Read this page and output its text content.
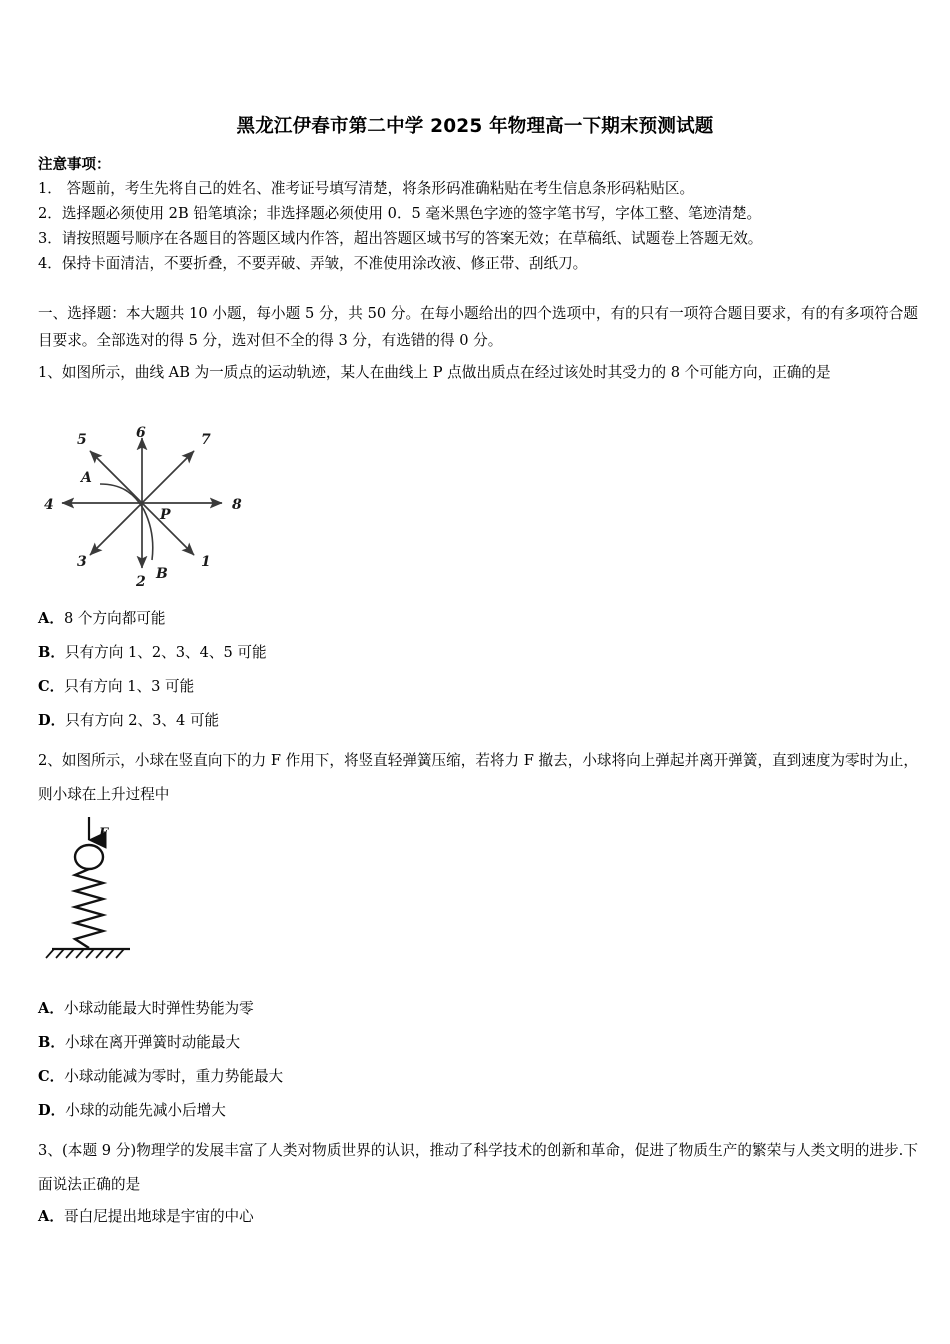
黑龙江伊春市第二中学 2025 年物理高一下期末预测试题
注意事项：
1． 答题前，考生先将自己的姓名、准考证号填写清楚，将条形码准确粘贴在考生信息条形码粘贴区。
2．选择题必须使用 2B 铅笔填涂；非选择题必须使用 0．5 毫米黑色字迹的签字笔书写，字体工整、笔迹清楚。
3．请按照题号顺序在各题目的答题区域内作答，超出答题区域书写的答案无效；在草稿纸、试题卷上答题无效。
4．保持卡面清洁，不要折叠，不要弄破、弄皱，不准使用涂改液、修正带、刮纸刀。
一、选择题：本大题共 10 小题，每小题 5 分，共 50 分。在每小题给出的四个选项中，有的只有一项符合题目要求，有的有多项符合题目要求。全部选对的得 5 分，选对但不全的得 3 分，有选错的得 0 分。
1、如图所示，曲线 AB 为一质点的运动轨迹，某人在曲线上 P 点做出质点在经过该处时其受力的 8 个可能方向，正确的是
6
2
8
4
7
5
1
3
P
A
B
A．8 个方向都可能
B．只有方向 1、2、3、4、5 可能
C．只有方向 1、3 可能
D．只有方向 2、3、4 可能
2、如图所示，小球在竖直向下的力 F 作用下，将竖直轻弹簧压缩，若将力 F 撤去，小球将向上弹起并离开弹簧，直到速度为零时为止，则小球在上升过程中
F
A．小球动能最大时弹性势能为零
B．小球在离开弹簧时动能最大
C．小球动能减为零时，重力势能最大
D．小球的动能先减小后增大
3、(本题 9 分)物理学的发展丰富了人类对物质世界的认识，推动了科学技术的创新和革命，促进了物质生产的繁荣与人类文明的进步.下面说法正确的是
A．哥白尼提出地球是宇宙的中心
